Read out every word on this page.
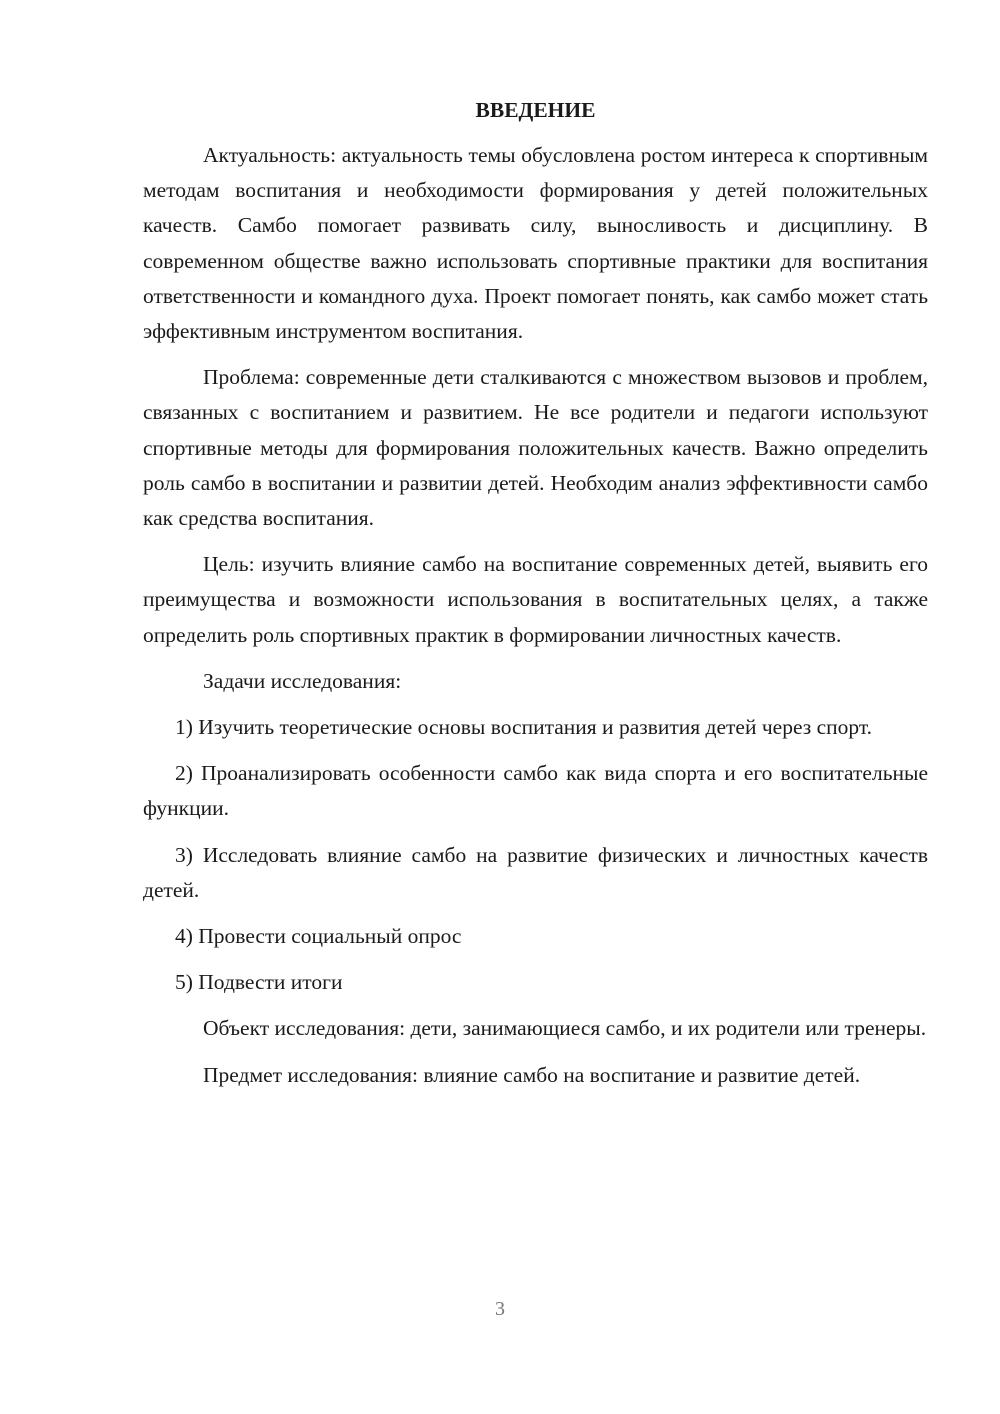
ВВЕДЕНИЕ

Актуальность: актуальность темы обусловлена ростом интереса к спортивным методам воспитания и необходимости формирования у детей положительных качеств. Самбо помогает развивать силу, выносливость и дисциплину. В современном обществе важно использовать спортивные практики для воспитания ответственности и командного духа. Проект помогает понять, как самбо может стать эффективным инструментом воспитания.

Проблема: современные дети сталкиваются с множеством вызовов и проблем, связанных с воспитанием и развитием. Не все родители и педагоги используют спортивные методы для формирования положительных качеств. Важно определить роль самбо в воспитании и развитии детей. Необходим анализ эффективности самбо как средства воспитания.

Цель: изучить влияние самбо на воспитание современных детей, выявить его преимущества и возможности использования в воспитательных целях, а также определить роль спортивных практик в формировании личностных качеств.

Задачи исследования:

1) Изучить теоретические основы воспитания и развития детей через спорт.

2) Проанализировать особенности самбо как вида спорта и его воспитательные функции.

3) Исследовать влияние самбо на развитие физических и личностных качеств детей.

4) Провести социальный опрос

5) Подвести итоги

Объект исследования: дети, занимающиеся самбо, и их родители или тренеры.

Предмет исследования: влияние самбо на воспитание и развитие детей.

3
